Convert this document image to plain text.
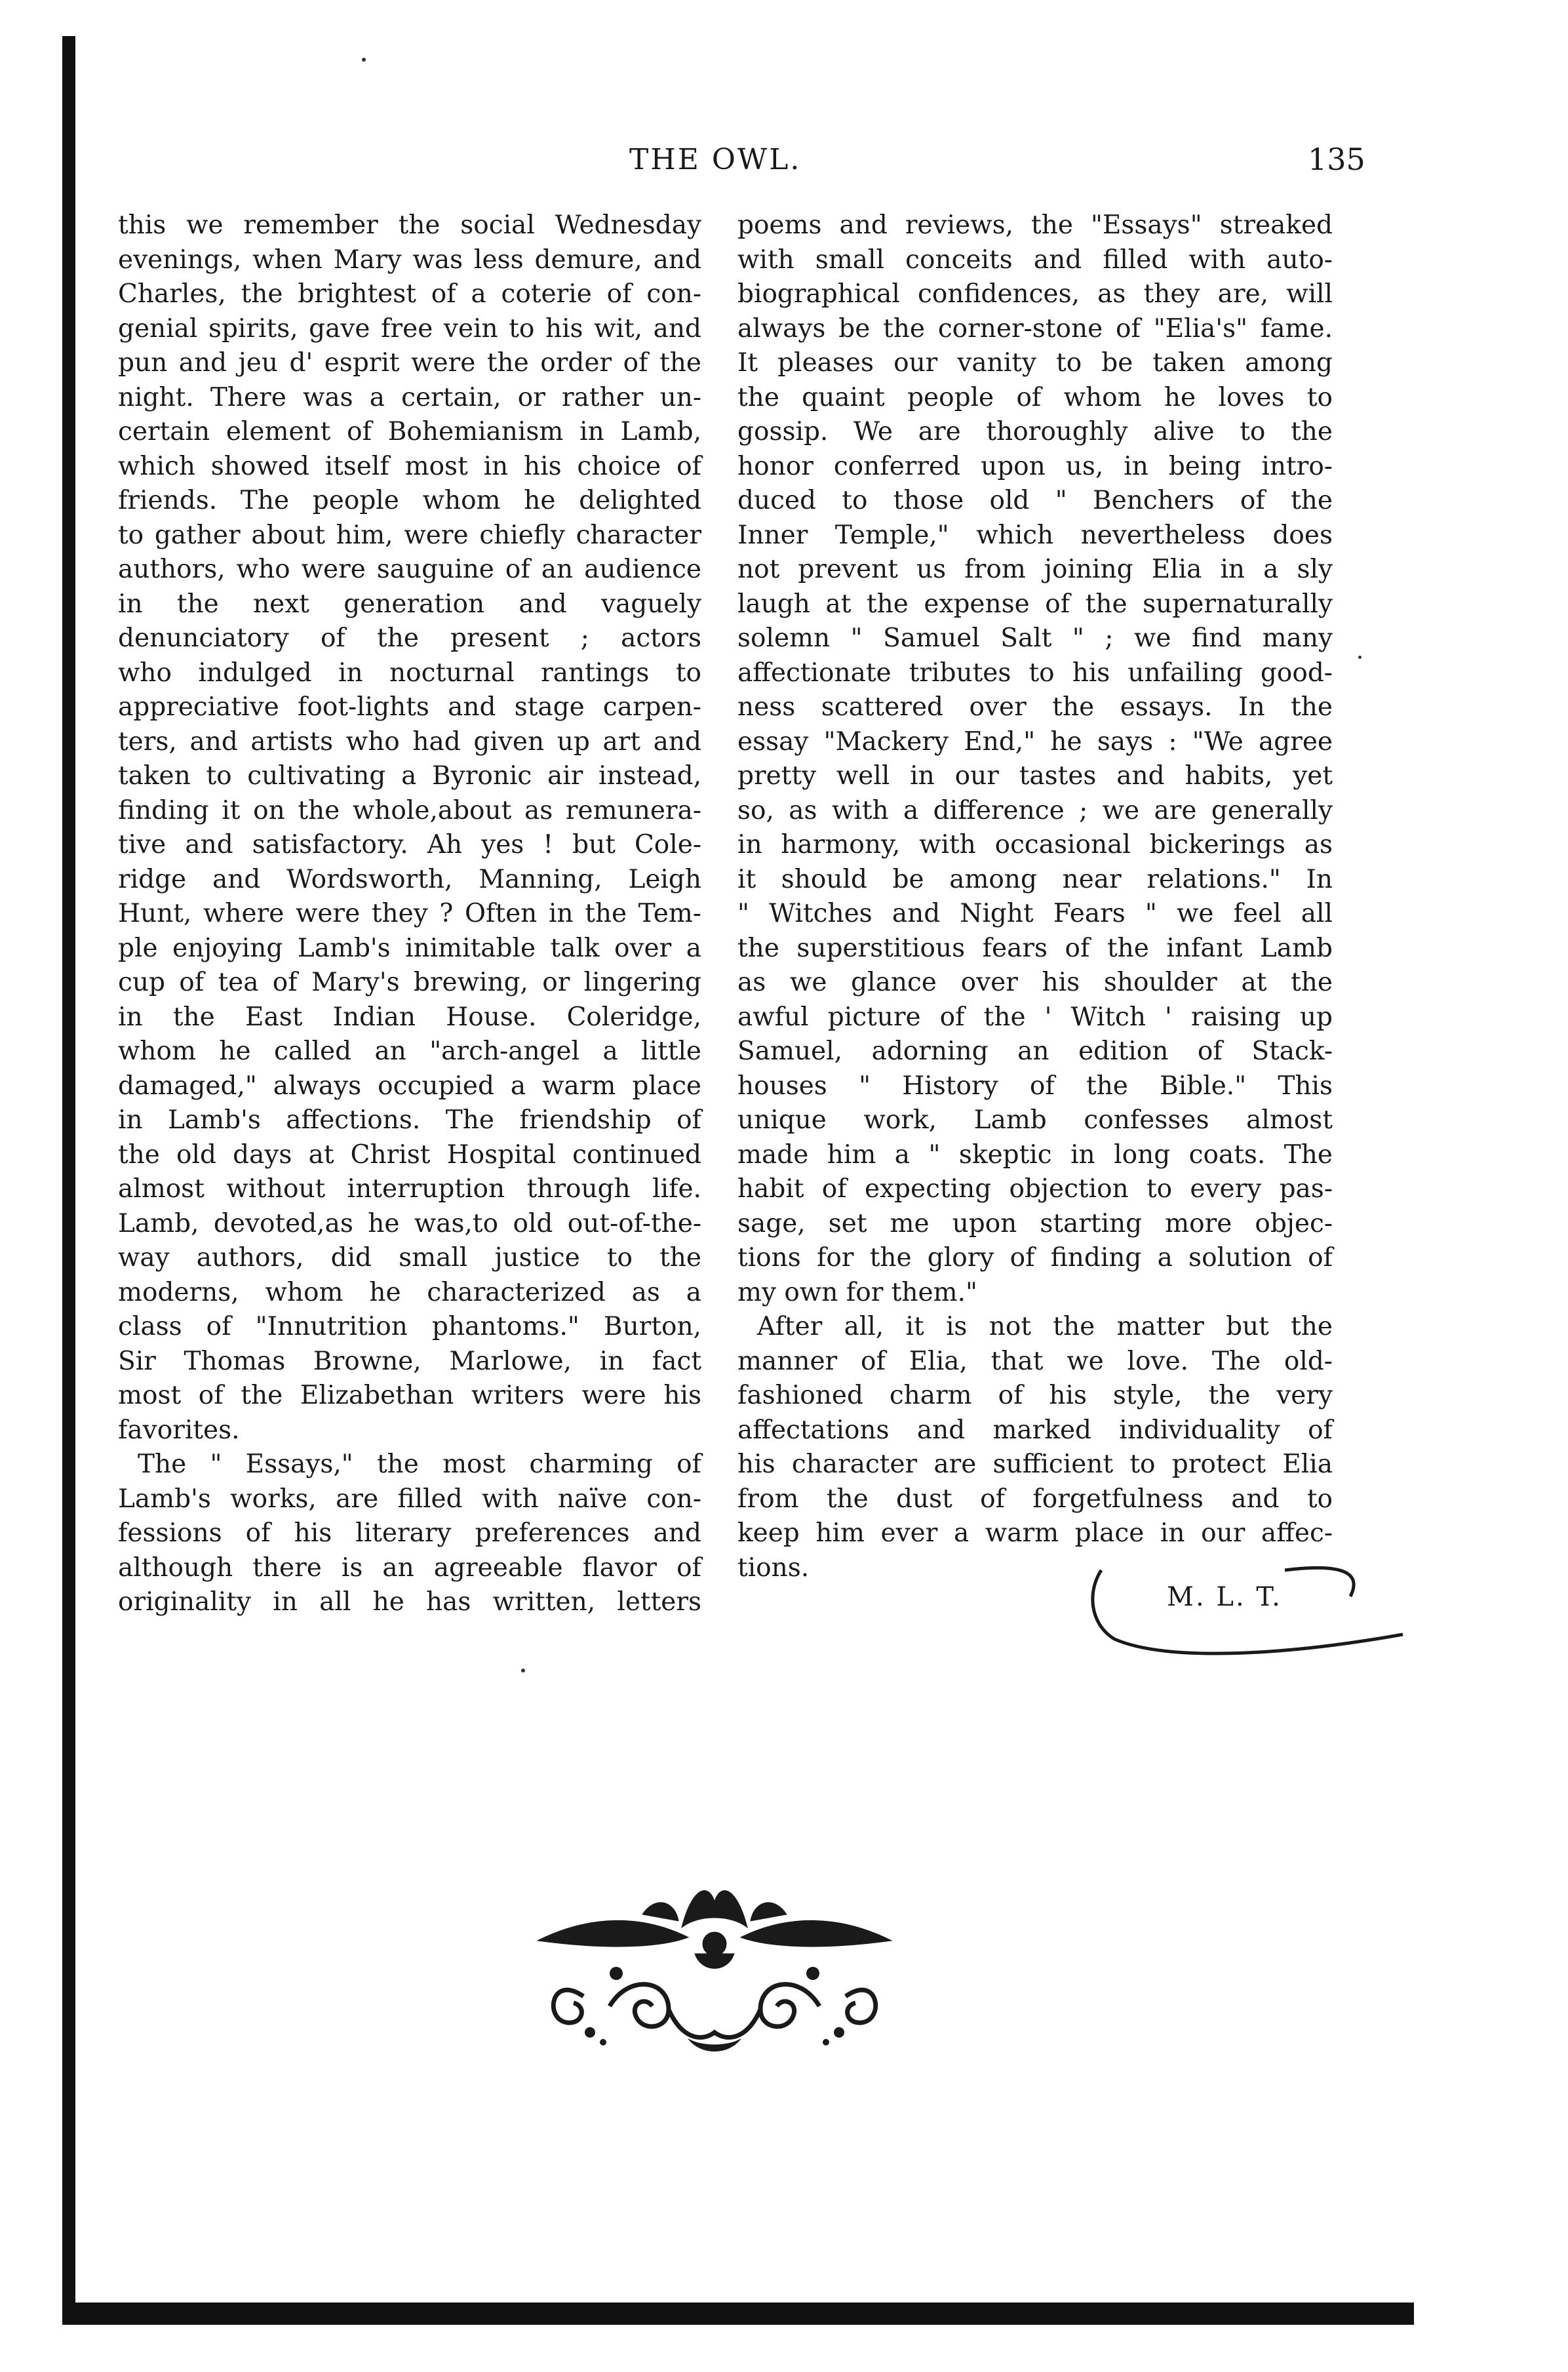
THE OWL.	135
this we remember the social Wednesday
evenings, when Mary was less demure, and
Charles, the brightest of a coterie of con-
genial spirits, gave free vein to his wit, and
pun and jeu d' esprit were the order of the
night. There was a certain, or rather un-
certain element of Bohemianism in Lamb,
which showed itself most in his choice of
friends. The people whom he delighted
to gather about him, were chiefly character
authors, who were sauguine of an audience
in the next generation and vaguely
denunciatory of the present ; actors
who indulged in nocturnal rantings to
appreciative foot-lights and stage carpen-
ters, and artists who had given up art and
taken to cultivating a Byronic air instead,
finding it on the whole,about as remunera-
tive and satisfactory. Ah yes ! but Cole-
ridge and Wordsworth, Manning, Leigh
Hunt, where were they ? Often in the Tem-
ple enjoying Lamb's inimitable talk over a
cup of tea of Mary's brewing, or lingering
in the East Indian House. Coleridge,
whom he called an "arch-angel a little
damaged," always occupied a warm place
in Lamb's affections. The friendship of
the old days at Christ Hospital continued
almost without interruption through life.
Lamb, devoted,as he was,to old out-of-the-
way authors, did small justice to the
moderns, whom he characterized as a
class of "Innutrition phantoms." Burton,
Sir Thomas Browne, Marlowe, in fact
most of the Elizabethan writers were his
favorites.
The " Essays," the most charming of
Lamb's works, are filled with naïve con-
fessions of his literary preferences and
although there is an agreeable flavor of
originality in all he has written, letters
poems and reviews, the "Essays" streaked
with small conceits and filled with auto-
biographical confidences, as they are, will
always be the corner-stone of "Elia's" fame.
It pleases our vanity to be taken among
the quaint people of whom he loves to
gossip. We are thoroughly alive to the
honor conferred upon us, in being intro-
duced to those old " Benchers of the
Inner Temple," which nevertheless does
not prevent us from joining Elia in a sly
laugh at the expense of the supernaturally
solemn " Samuel Salt " ; we find many
affectionate tributes to his unfailing good-
ness scattered over the essays. In the
essay "Mackery End," he says : "We agree
pretty well in our tastes and habits, yet
so, as with a difference ; we are generally
in harmony, with occasional bickerings as
it should be among near relations." In
" Witches and Night Fears " we feel all
the superstitious fears of the infant Lamb
as we glance over his shoulder at the
awful picture of the ' Witch ' raising up
Samuel, adorning an edition of Stack-
houses " History of the Bible." This
unique work, Lamb confesses almost
made him a " skeptic in long coats. The
habit of expecting objection to every pas-
sage, set me upon starting more objec-
tions for the glory of finding a solution of
my own for them."
After all, it is not the matter but the
manner of Elia, that we love. The old-
fashioned charm of his style, the very
affectations and marked individuality of
his character are sufficient to protect Elia
from the dust of forgetfulness and to
keep him ever a warm place in our affec-
tions.
M. L. T.
